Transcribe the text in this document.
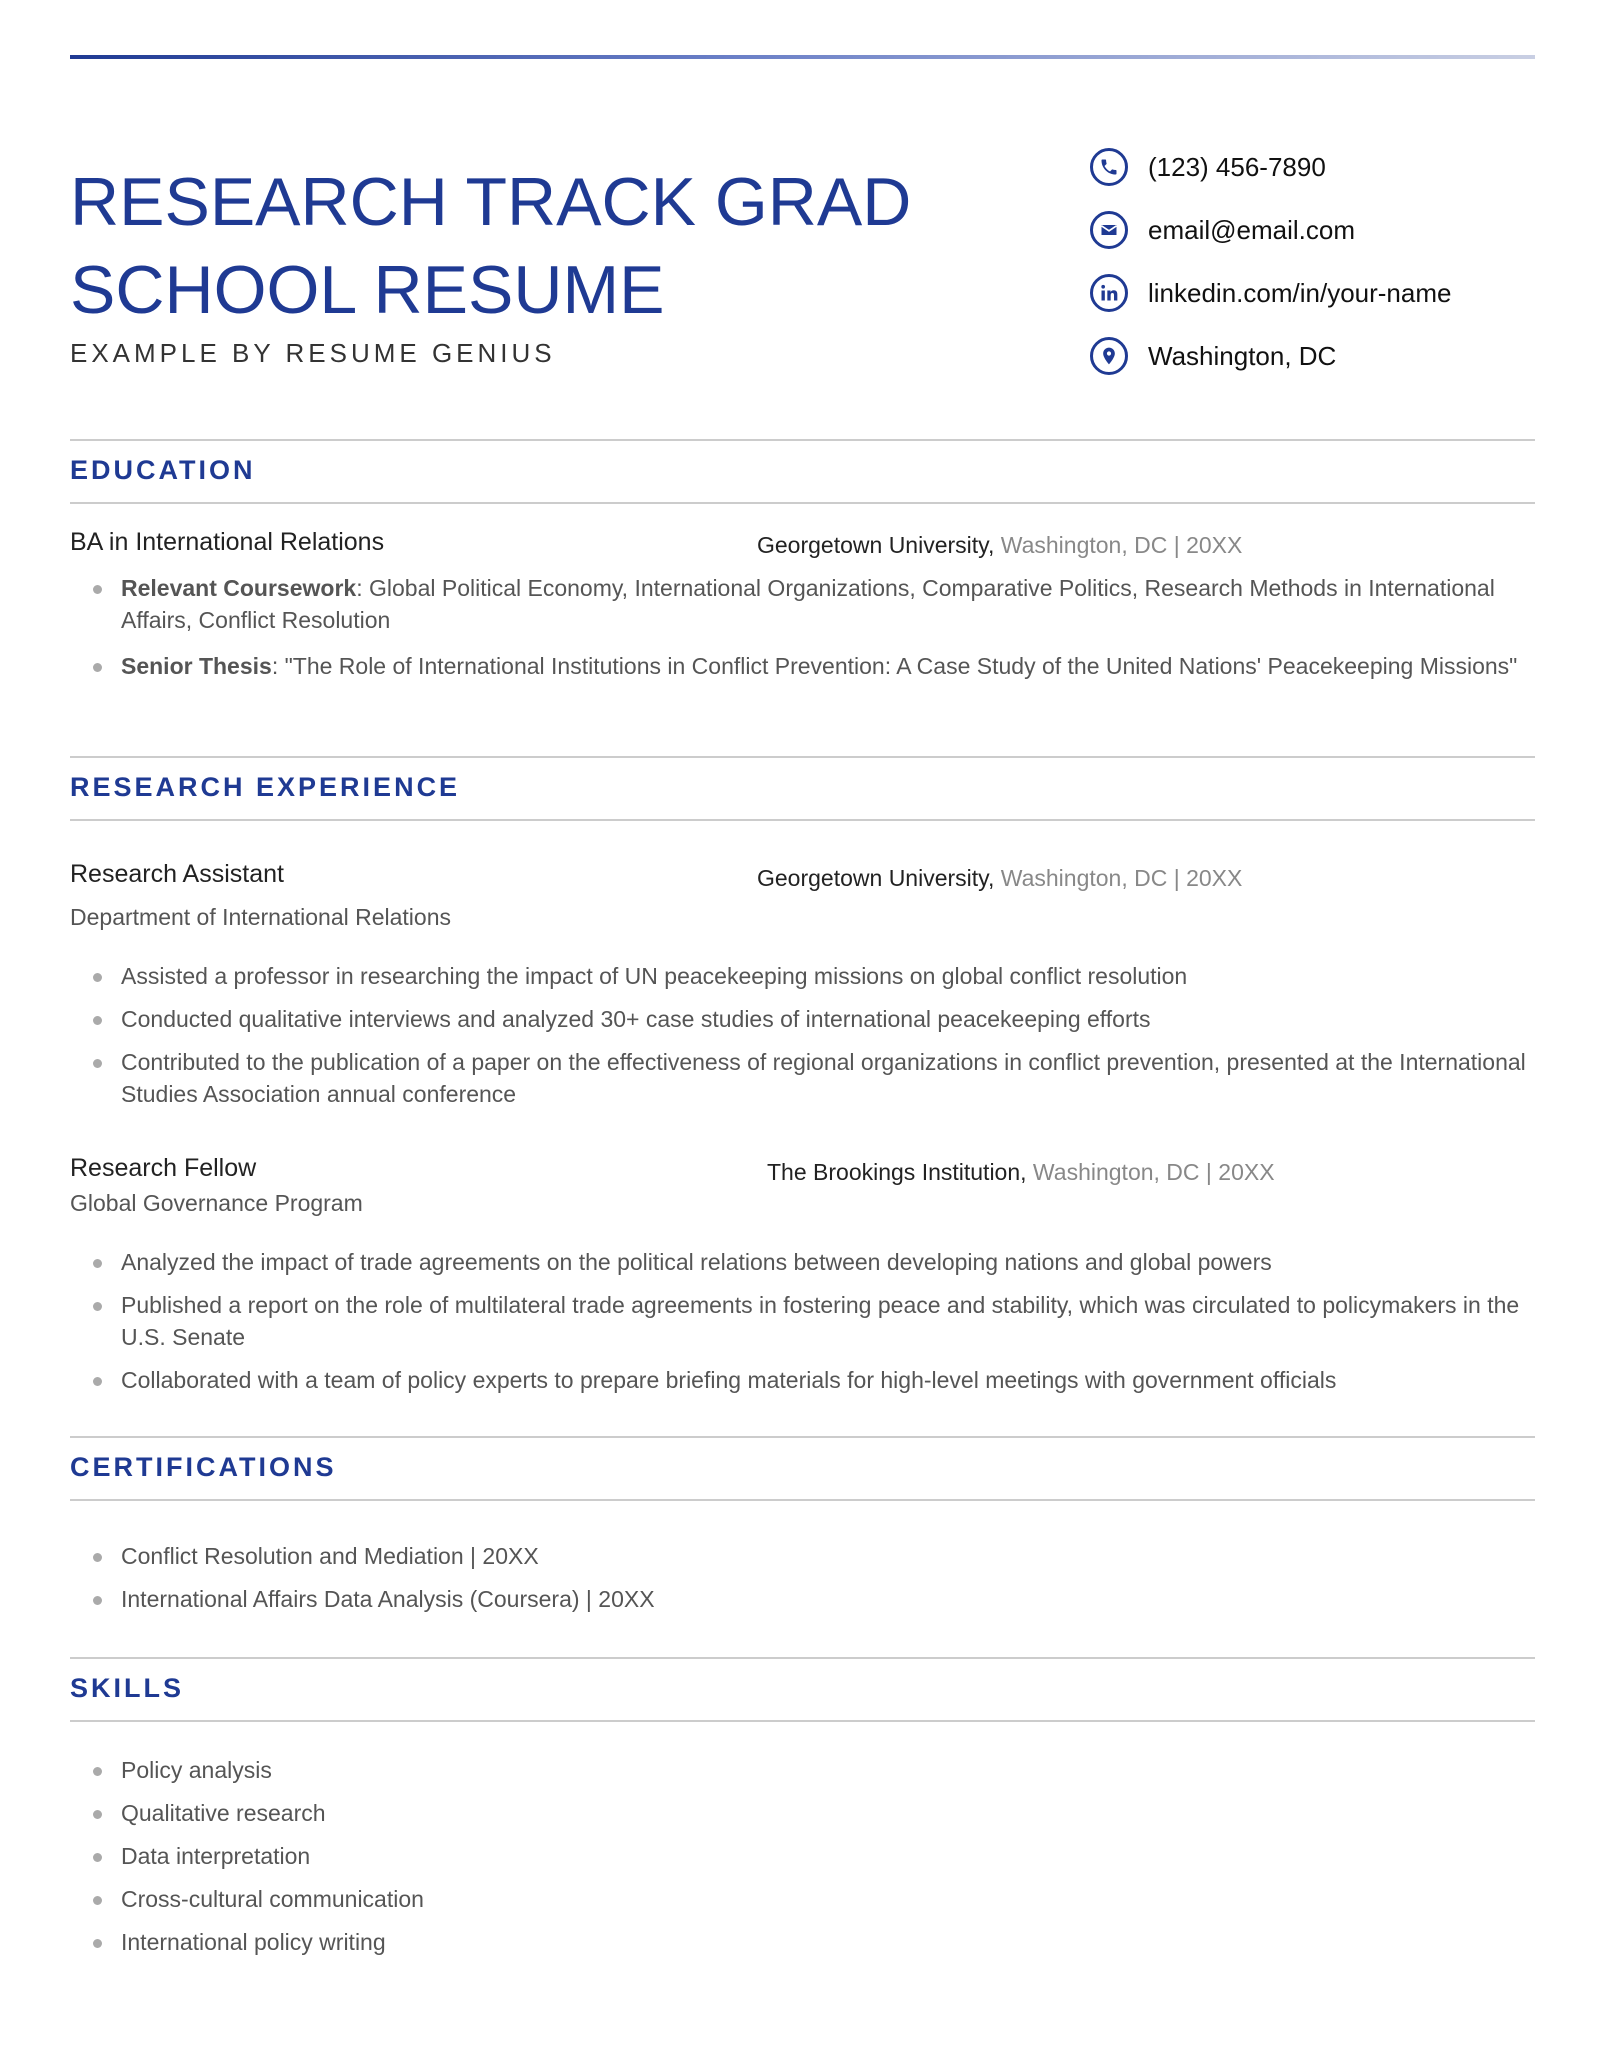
RESEARCH TRACK GRAD SCHOOL RESUME
EXAMPLE BY RESUME GENIUS
(123) 456-7890
email@email.com
linkedin.com/in/your-name
Washington, DC
EDUCATION
BA in International Relations	Georgetown University, Washington, DC | 20XX
Relevant Coursework: Global Political Economy, International Organizations, Comparative Politics, Research Methods in International Affairs, Conflict Resolution
Senior Thesis: "The Role of International Institutions in Conflict Prevention: A Case Study of the United Nations' Peacekeeping Missions"
RESEARCH EXPERIENCE
Research Assistant	Georgetown University, Washington, DC | 20XX
Department of International Relations
Assisted a professor in researching the impact of UN peacekeeping missions on global conflict resolution
Conducted qualitative interviews and analyzed 30+ case studies of international peacekeeping efforts
Contributed to the publication of a paper on the effectiveness of regional organizations in conflict prevention, presented at the International Studies Association annual conference
Research Fellow	The Brookings Institution, Washington, DC | 20XX
Global Governance Program
Analyzed the impact of trade agreements on the political relations between developing nations and global powers
Published a report on the role of multilateral trade agreements in fostering peace and stability, which was circulated to policymakers in the U.S. Senate
Collaborated with a team of policy experts to prepare briefing materials for high-level meetings with government officials
CERTIFICATIONS
Conflict Resolution and Mediation | 20XX
International Affairs Data Analysis (Coursera) | 20XX
SKILLS
Policy analysis
Qualitative research
Data interpretation
Cross-cultural communication
International policy writing
